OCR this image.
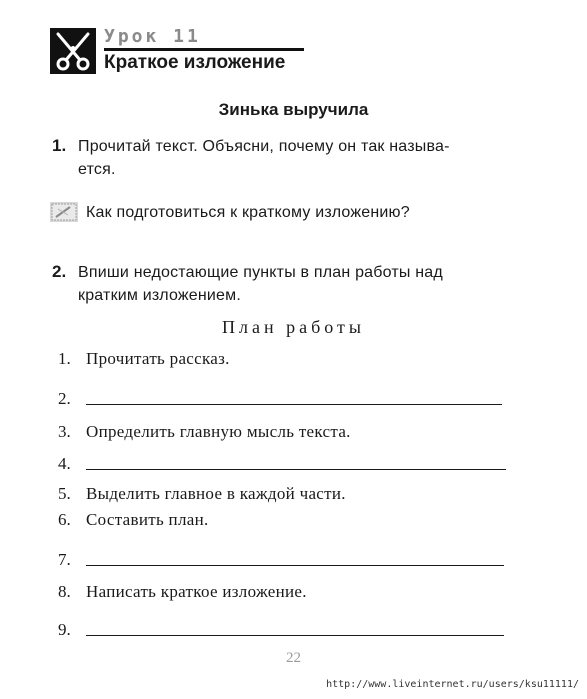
Урок 11
Краткое изложение
Зинька выручила
1. Прочитай текст. Объясни, почему он так называ-
ется.
Как подготовиться к краткому изложению?
2. Впиши недостающие пункты в план работы над
кратким изложением.
План работы
1. Прочитать рассказ.
2.
3. Определить главную мысль текста.
4.
5. Выделить главное в каждой части.
6. Составить план.
7.
8. Написать краткое изложение.
9.
22
http://www.liveinternet.ru/users/ksu11111/
